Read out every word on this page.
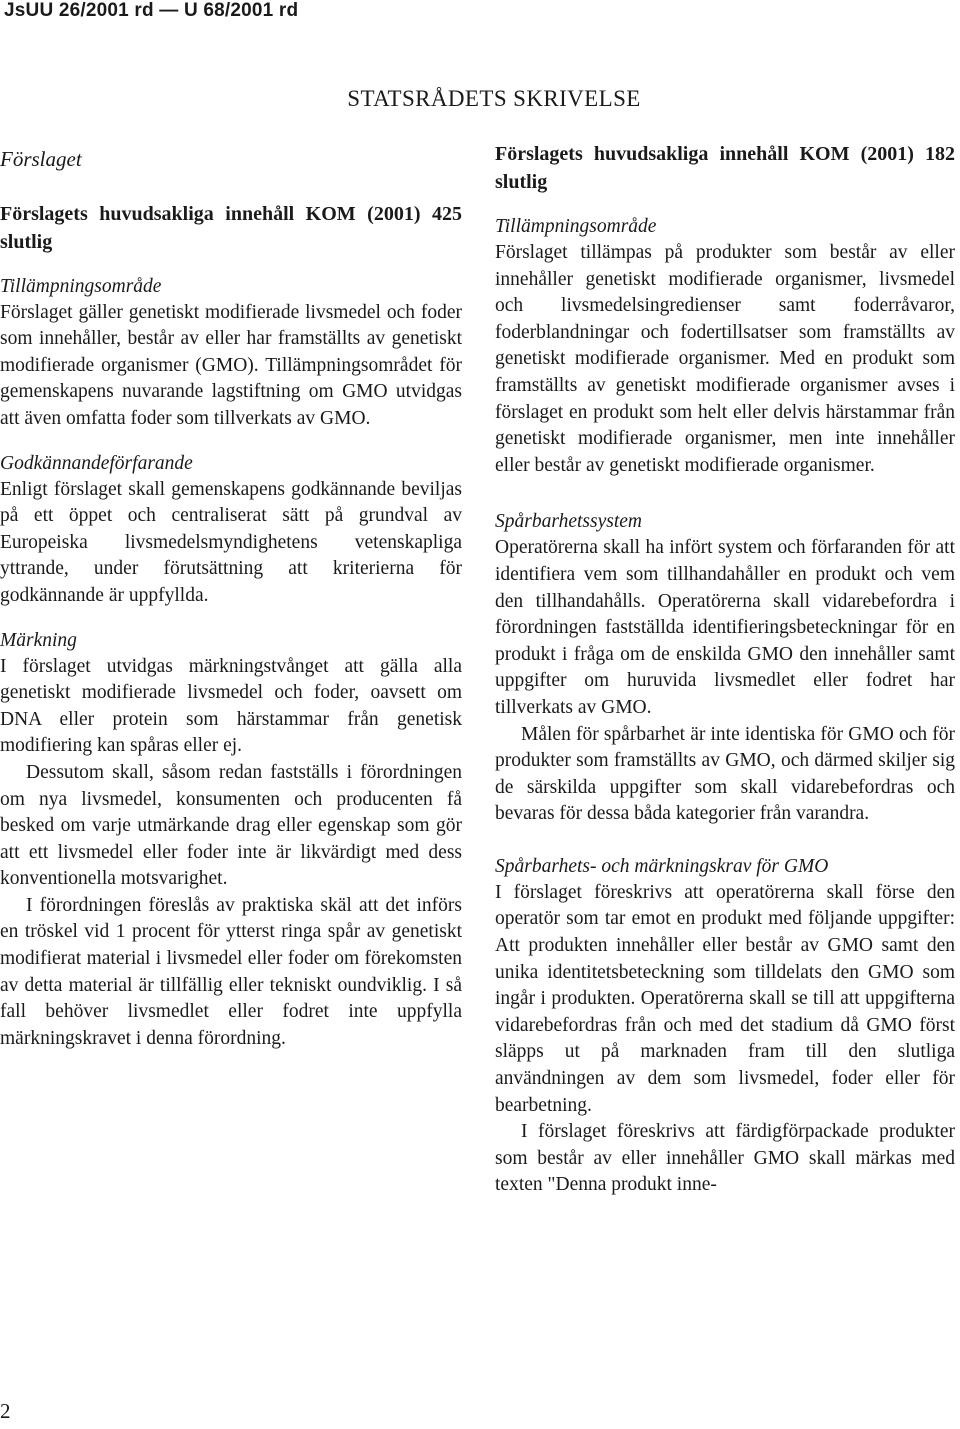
JsUU 26/2001 rd — U 68/2001 rd
STATSRÅDETS SKRIVELSE
Förslaget
Förslagets huvudsakliga innehåll KOM (2001) 425 slutlig
Tillämpningsområde

Förslaget gäller genetiskt modifierade livsmedel och foder som innehåller, består av eller har framställts av genetiskt modifierade organismer (GMO). Tillämpningsområdet för gemenskapens nuvarande lagstiftning om GMO utvidgas att även omfatta foder som tillverkats av GMO.

Godkännandeförfarande

Enligt förslaget skall gemenskapens godkännande beviljas på ett öppet och centraliserat sätt på grundval av Europeiska livsmedelsmyndighetens vetenskapliga yttrande, under förutsättning att kriterierna för godkännande är uppfyllda.

Märkning

I förslaget utvidgas märkningstvånget att gälla alla genetiskt modifierade livsmedel och foder, oavsett om DNA eller protein som härstammar från genetisk modifiering kan spåras eller ej.

Dessutom skall, såsom redan fastställs i förordningen om nya livsmedel, konsumenten och producenten få besked om varje utmärkande drag eller egenskap som gör att ett livsmedel eller foder inte är likvärdigt med dess konventionella motsvarighet.

I förordningen föreslås av praktiska skäl att det införs en tröskel vid 1 procent för ytterst ringa spår av genetiskt modifierat material i livsmedel eller foder om förekomsten av detta material är tillfällig eller tekniskt oundviklig. I så fall behöver livsmedlet eller fodret inte uppfylla märkningskravet i denna förordning.

Förslagets huvudsakliga innehåll KOM (2001) 182 slutlig
Tillämpningsområde

Förslaget tillämpas på produkter som består av eller innehåller genetiskt modifierade organismer, livsmedel och livsmedelsingredienser samt foderråvaror, foderblandningar och fodertillsatser som framställts av genetiskt modifierade organismer. Med en produkt som framställts av genetiskt modifierade organismer avses i förslaget en produkt som helt eller delvis härstammar från genetiskt modifierade organismer, men inte innehåller eller består av genetiskt modifierade organismer.

Spårbarhetssystem

Operatörerna skall ha infört system och förfaranden för att identifiera vem som tillhandahåller en produkt och vem den tillhandahålls. Operatörerna skall vidarebefordra i förordningen fastställda identifieringsbeteckningar för en produkt i fråga om de enskilda GMO den innehåller samt uppgifter om huruvida livsmedlet eller fodret har tillverkats av GMO.

Målen för spårbarhet är inte identiska för GMO och för produkter som framställts av GMO, och därmed skiljer sig de särskilda uppgifter som skall vidarebefordras och bevaras för dessa båda kategorier från varandra.

Spårbarhets- och märkningskrav för GMO

I förslaget föreskrivs att operatörerna skall förse den operatör som tar emot en produkt med följande uppgifter: Att produkten innehåller eller består av GMO samt den unika identitetsbeteckning som tilldelats den GMO som ingår i produkten. Operatörerna skall se till att uppgifterna vidarebefordras från och med det stadium då GMO först släpps ut på marknaden fram till den slutliga användningen av dem som livsmedel, foder eller för bearbetning.

I förslaget föreskrivs att färdigförpackade produkter som består av eller innehåller GMO skall märkas med texten "Denna produkt inne-

2
